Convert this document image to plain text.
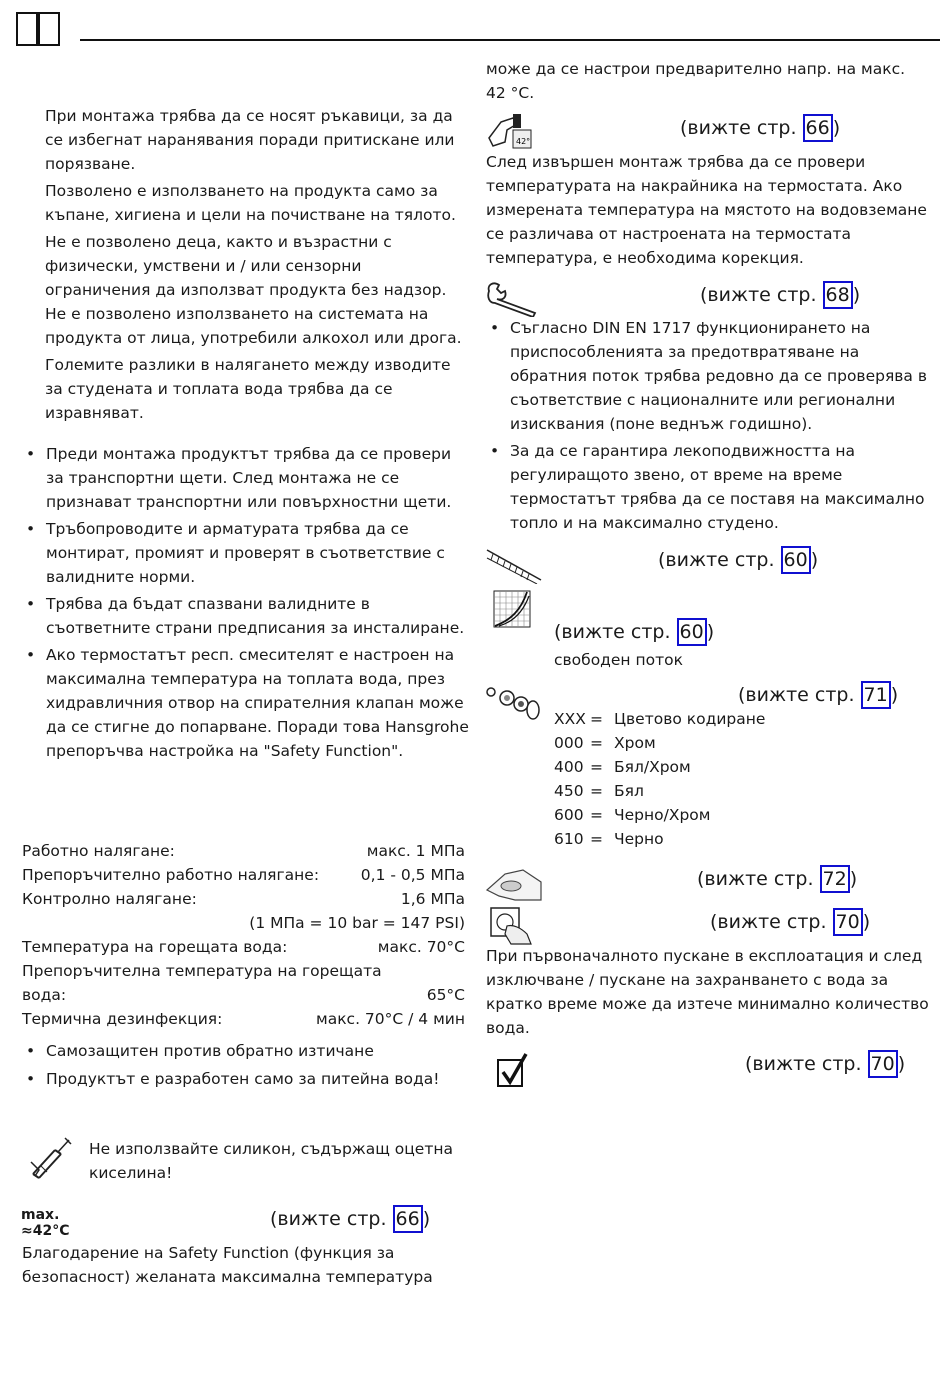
При монтажа трябва да се носят ръкавици, за да се избегнат наранявания поради притискане или порязване.

Позволено е използването на продукта само за къпане, хигиена и цели на почистване на тялото.

Не е позволено деца, както и възрастни с физически, умствени и / или сензорни ограничения да използват продукта без надзор. Не е позволено използването на системата на продукта от лица, употребили алкохол или дрога.

Големите разлики в налягането между изводите за студената и топлата вода трябва да се изравняват.

• Преди монтажа продуктът трябва да се провери за транспортни щети. След монтажа не се признават транспортни или повърхностни щети.
• Тръбопроводите и арматурата трябва да се монтират, промият и проверят в съответствие с валидните норми.
• Трябва да бъдат спазвани валидните в съответните страни предписания за инсталиране.
• Ако термостатът респ. смесителят е настроен на максимална температура на топлата вода, през хидравличния отвор на спирателния клапан може да се стигне до попарване. Поради това Hansgrohe препоръчва настройка на "Safety Function".
Работно налягане:	макс. 1 МПа
Препоръчително работно налягане:	0,1 - 0,5 МПа
Контролно налягане:	1,6 МПа
(1 МПа = 10 bar = 147 PSI)
Температура на горещата вода:	макс. 70°C
Препоръчителна температура на горещата
вода:	65°C
Термична дезинфекция:	макс. 70°C / 4 мин
• Самозащитен против обратно изтичане
• Продуктът е разработен само за питейна вода!

Не използвайте силикон, съдържащ оцетна киселина!

max.
≈42°C
(вижте стр. 66 )

Благодарение на Safety Function (функция за безопасност) желаната максимална температура

може да се настрои предварително напр. на макс. 42 °C.

42°
(вижте стр. 66 )

След извършен монтаж трябва да се провери температурата на накрайника на термостата. Ако измерената температура на мястото на водовземане се различава от настроената на термостата температура, е необходима корекция.

(вижте стр. 68 )
• Съгласно DIN EN 1717 функционирането на приспособленията за предотвратяване на обратния поток трябва редовно да се проверява в съответствие с националните или регионални изисквания (поне веднъж годишно).
• За да се гарантира лекоподвижността на регулиращото звено, от време на време термостатът трябва да се поставя на максимално топло и на максимално студено.
(вижте стр. 60 )
(вижте стр. 60 )

свободен поток

(вижте стр. 71 )
XXX = Цветово кодиране
000 = Хром
400 = Бял/Хром
450 = Бял
600 = Черно/Хром
610 = Черно
(вижте стр. 72 )
(вижте стр. 70 )

При първоначалното пускане в експлоатация и след изключване / пускане на захранването с вода за кратко време може да изтече минимално количество вода.

(вижте стр. 70 )
